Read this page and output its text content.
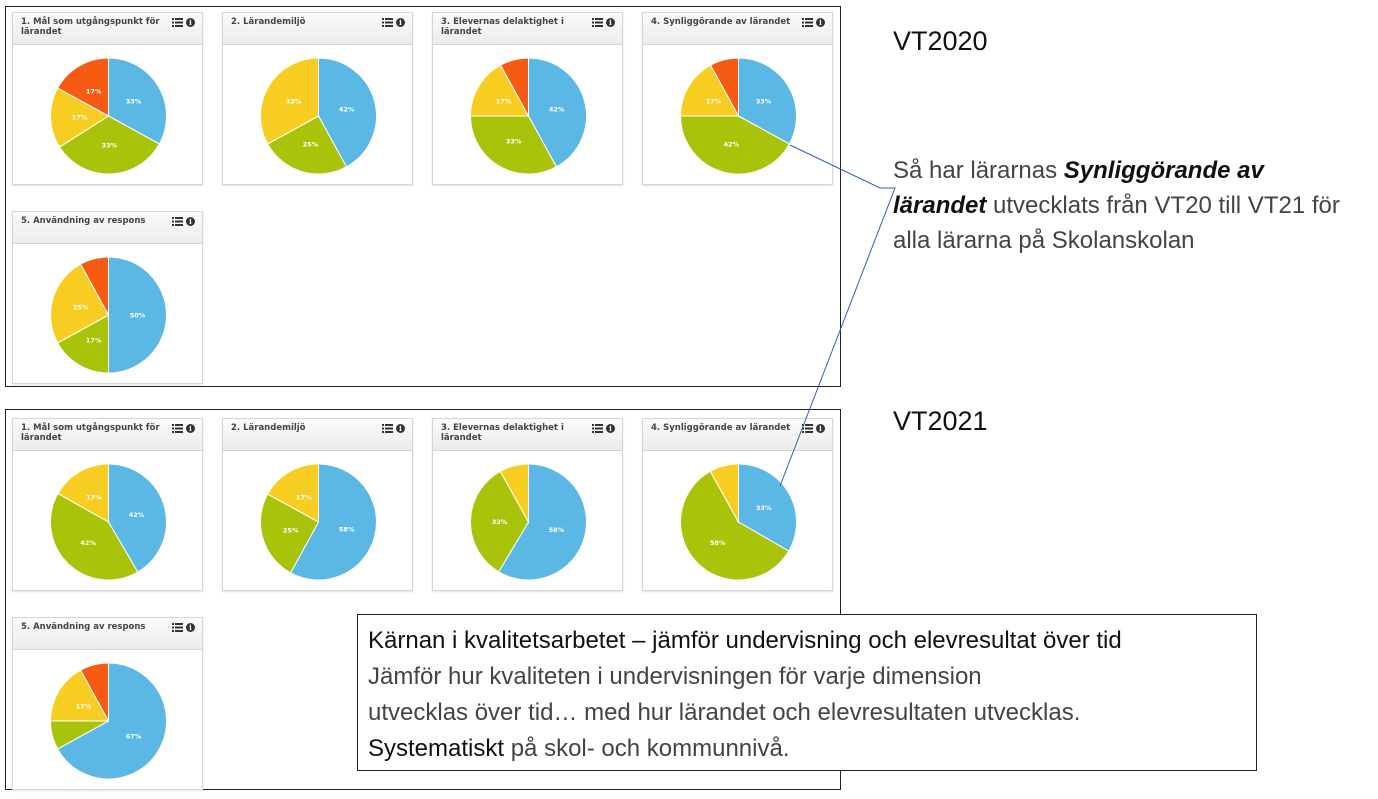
VT2020
VT2021
Så har lärarnas Synliggörande av lärandet utvecklats från VT20 till VT21 för alla lärarna på Skolanskolan
1. Mål som utgångspunkt för lärandet
i
33%
33%
17%
17%
2. Lärandemiljö	i
42%
25%
33%
3. Elevernas delaktighet i lärandet
i
42%
33%
17%
4. Synliggörande av lärandet	i
33%
42%
17%
5. Användning av respons	i
50%
17%
25%
1. Mål som utgångspunkt för lärandet
i
42%
42%
17%
2. Lärandemiljö	i
58%
25%
17%
3. Elevernas delaktighet i lärandet
i
58%
33%
4. Synliggörande av lärandet	i
33%
58%
5. Användning av respons	i
67%
17%
Kärnan i kvalitetsarbetet – jämför undervisning och elevresultat över tid
Jämför hur kvaliteten i undervisningen för varje dimension
utvecklas över tid… med hur lärandet och elevresultaten utvecklas.
Systematiskt på skol- och kommunnivå.
